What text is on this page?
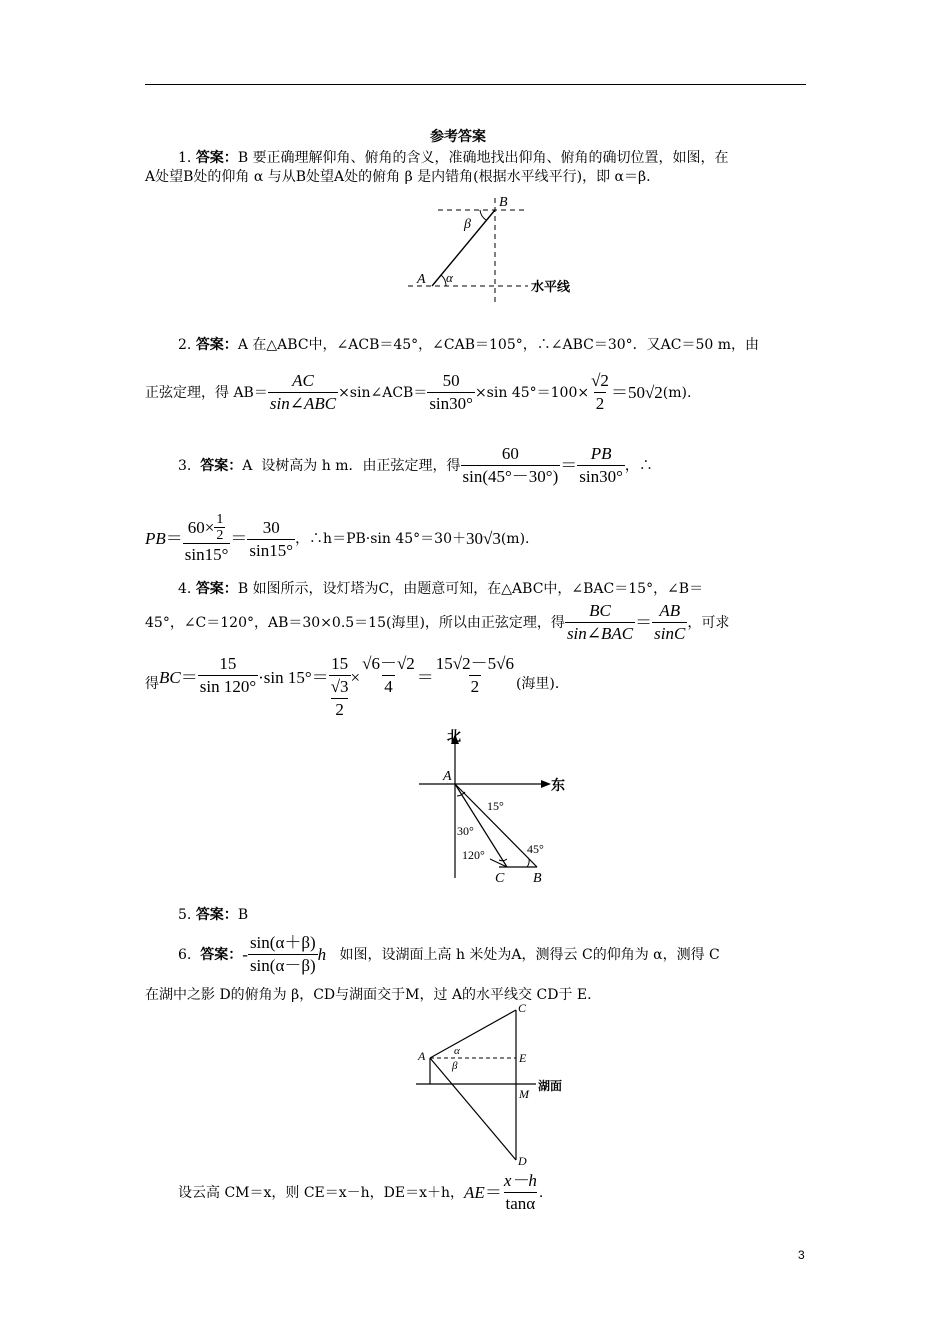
参考答案
1. 答案：B 要正确理解仰角、俯角的含义，准确地找出仰角、俯角的确切位置，如图，在
A处望B处的仰角 α 与从B处望A处的俯角 β 是内错角(根据水平线平行)，即 α＝β.
B
β
A α
水平线
2. 答案：A 在△ABC中，∠ACB＝45°，∠CAB＝105°，∴∠ABC＝30°．又AC＝50 m，由
正弦定理，得 $AB= \frac{AC}{\text{sin∠ABC}}$ ×sin∠ACB＝ $\frac{50}{\sin 30^\circ} \times\sin$ $45^\circ=100\times \frac{√2}{2} = 50√2$ (m).
3.
答案： A
设树高为 h m．由正弦定理，得 $\frac{60}{\sin(45^\circ-30^\circ)} = \frac{PB}{\sin 30^\circ}$ ，∴
PB ＝ $\frac{60\times \frac{1}{2}}{\sin 15^\circ} = \frac{30}{\sin 15^\circ}$ ，∴h＝PB·sin 45°＝30＋ 30√3 (m).
4. 答案：B 如图所示，设灯塔为C，由题意可知，在△ABC中，∠BAC＝15°，∠B＝
45°，∠C＝120°，AB＝30×0.5＝15(海里)，所以由正弦定理，得 $\frac{BC}{\text{sin∠BAC}} = \frac{AB}{\sin C}$ ，可求
得 BC ＝ $\frac{15}{\sin 120^\circ} \cdot\sin$ 15°＝ 15
√3
$2 \times \frac{√6-√2}{4} = \frac{15√2-5√6}{2}$ (海里)．
北
A
东
15°
30°
120°	45°
C B
5. 答案：B
6.
答案： - $\frac{\sin(\alpha+\beta)}{\sin(\alpha-\beta)}$ h
如图，设湖面上高 h 米处为A，测得云 C的仰角为 α，测得 C
在湖中之影 D的俯角为 β，CD与湖面交于M，过 A的水平线交 CD于 E.
C
A	α
β
E
湖面
M
D
设云高 CM＝x，则 CE＝x－h，DE＝x＋h， AE ＝ $\frac{x-h}{\tan\alpha}$ .
3
